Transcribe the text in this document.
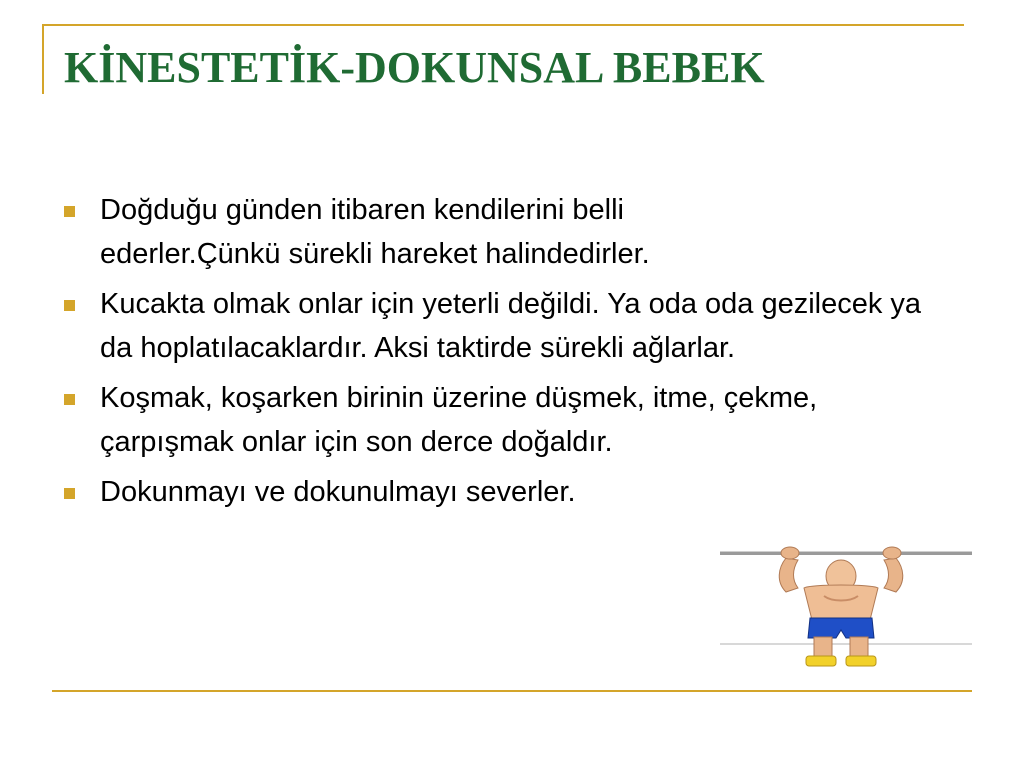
KİNESTETİK-DOKUNSAL BEBEK
Doğduğu günden itibaren kendilerini belli ederler.Çünkü sürekli hareket halindedirler.
Kucakta olmak onlar için yeterli değildi. Ya oda oda gezilecek ya da hoplatılacaklardır. Aksi taktirde sürekli ağlarlar.
Koşmak, koşarken birinin üzerine düşmek, itme, çekme, çarpışmak onlar için son derce doğaldır.
Dokunmayı ve dokunulmayı severler.
